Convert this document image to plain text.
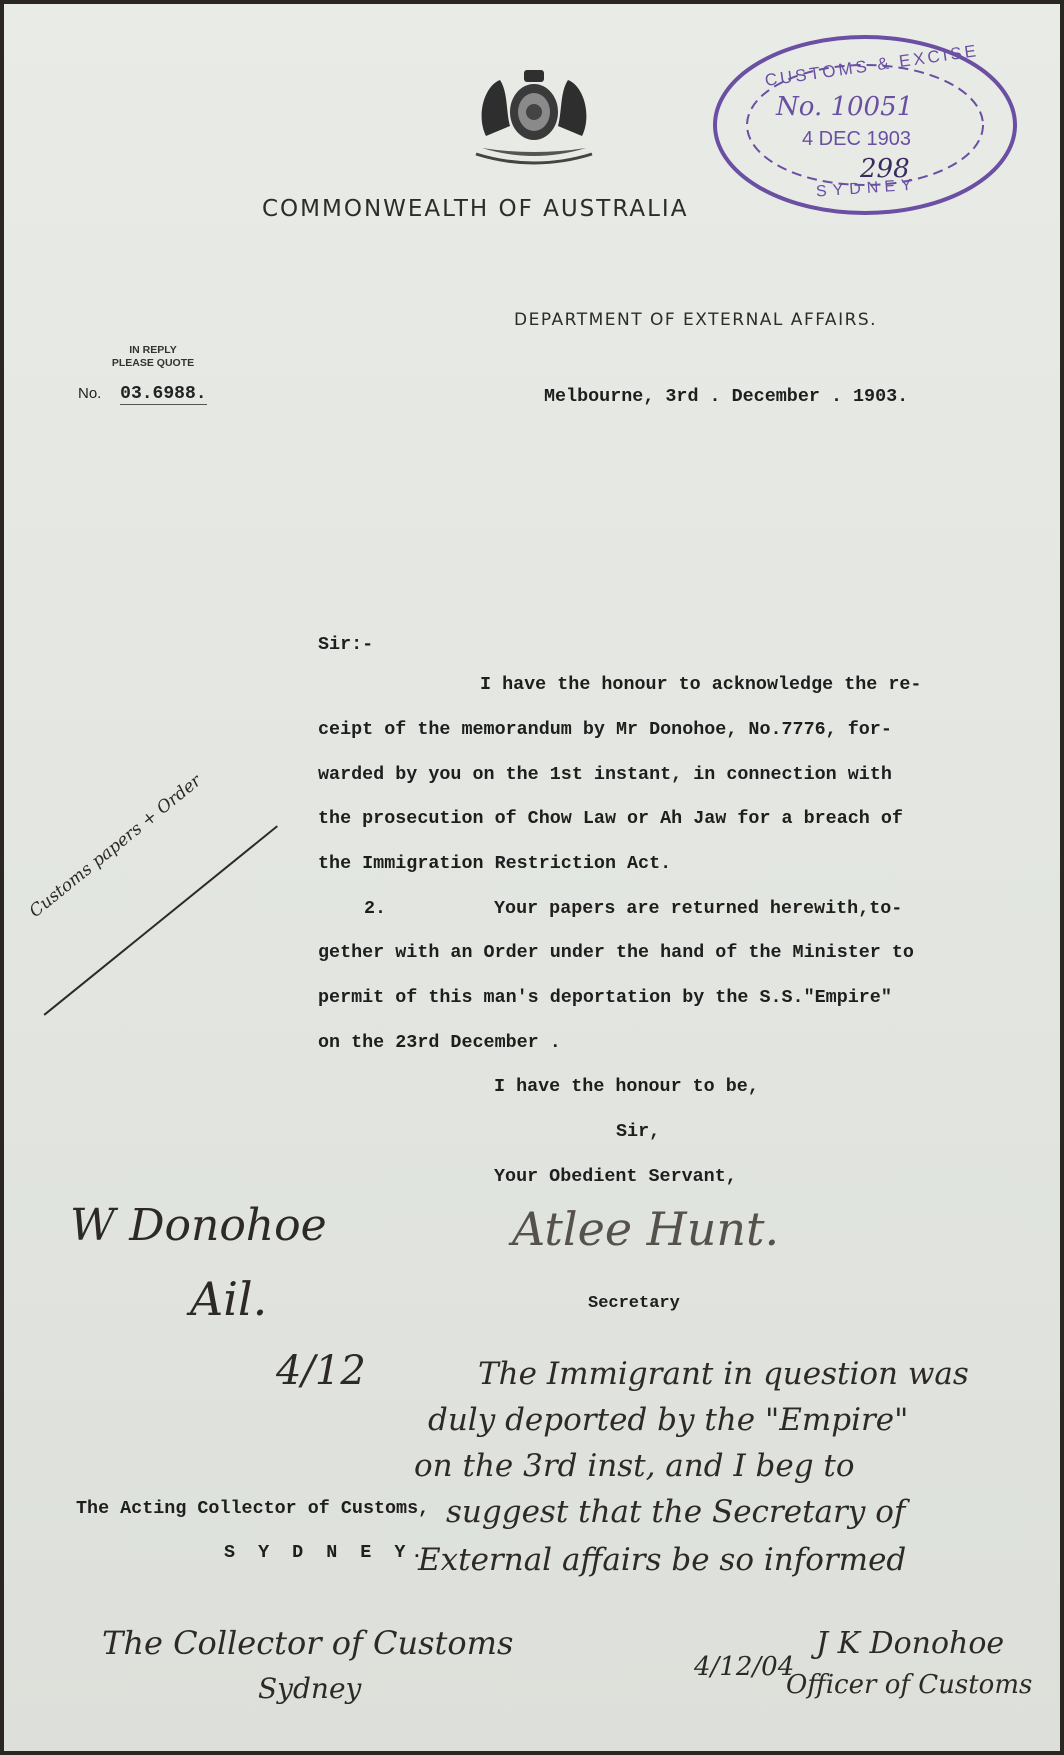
CUSTOMS & EXCISE
No. 10051
4 DEC 1903
298
SYDNEY
COMMONWEALTH OF AUSTRALIA
DEPARTMENT OF EXTERNAL AFFAIRS.
IN REPLY
PLEASE QUOTE
No. 03.6988.	Melbourne, 3rd . December . 1903.
Sir:-
I have the honour to acknowledge the re-
ceipt of the memorandum by Mr Donohoe, No.7776, for-
warded by you on the 1st instant, in connection with
the prosecution of Chow Law or Ah Jaw for a breach of
the Immigration Restriction Act.
2.	Your papers are returned herewith,to-
gether with an Order under the hand of the Minister to
permit of this man's deportation by the S.S."Empire"
on the 23rd December .
I have the honour to be,
Sir,
Your Obedient Servant,
Atlee Hunt.
Secretary
The Acting Collector of Customs,
S Y D N E Y.
Customs papers + Order
W Donohoe
Ail.
4/12	The Immigrant in question was
duly deported by the "Empire"
on the 3rd inst, and I beg to
suggest that the Secretary of
External affairs be so informed
The Collector of Customs
Sydney
4/12/04
J K Donohoe
Officer of Customs
